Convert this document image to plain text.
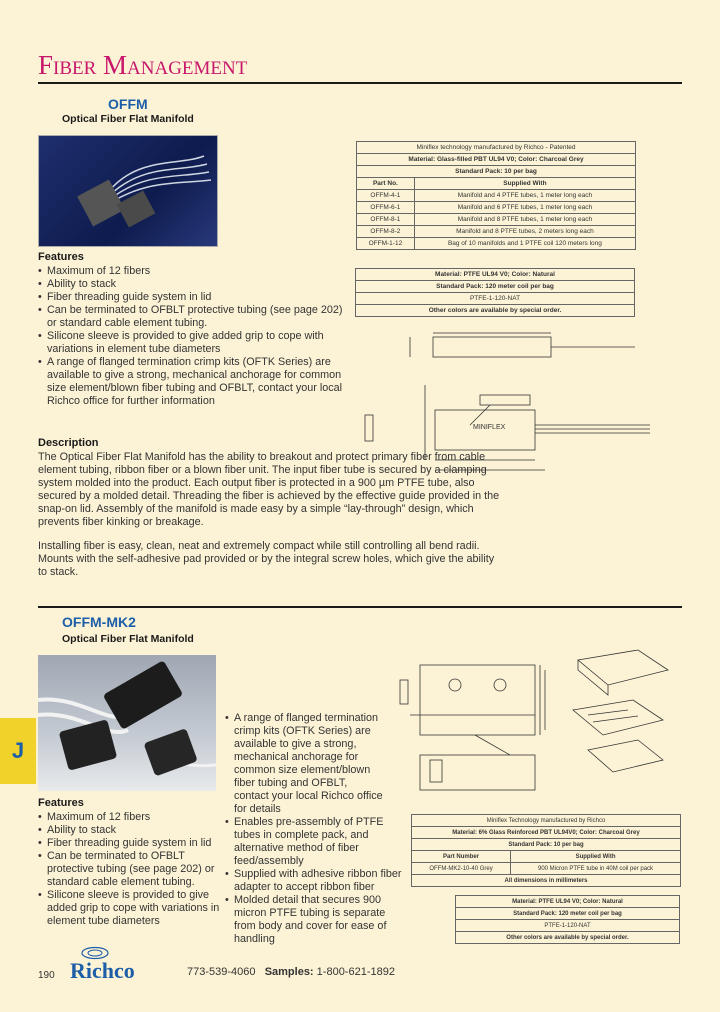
Fiber Management
OFFM
Optical Fiber Flat Manifold
Miniflex technology manufactured by Richco - Patented	
Material: Glass-filled PBT UL94 V0; Color: Charcoal Grey	
Standard Pack: 10 per bag	
Part No.	Supplied With
OFFM-4-1	Manifold and 4 PTFE tubes, 1 meter long each
OFFM-6-1	Manifold and 6 PTFE tubes, 1 meter long each
OFFM-8-1	Manifold and 8 PTFE tubes, 1 meter long each
OFFM-8-2	Manifold and 8 PTFE tubes, 2 meters long each
OFFM-1-12	Bag of 10 manifolds and 1 PTFE coil 120 meters long
Material: PTFE UL94 V0; Color: Natural
Standard Pack: 120 meter coil per bag
PTFE-1-120-NAT
Other colors are available by special order.
MINIFLEX
Features
• Maximum of 12 fibers
• Ability to stack
• Fiber threading guide system in lid
• Can be terminated to OFBLT protective tubing (see page 202) or standard cable element tubing.
• Silicone sleeve is provided to give added grip to cope with variations in element tube diameters
• A range of flanged termination crimp kits (OFTK Series) are available to give a strong, mechanical anchorage for common size element/blown fiber tubing and OFBLT, contact your local Richco office for further information
Description

The Optical Fiber Flat Manifold has the ability to breakout and protect primary fiber from cable element tubing, ribbon fiber or a blown fiber unit. The input fiber tube is secured by a clamping system molded into the product. Each output fiber is protected in a 900 µm PTFE tube, also secured by a molded detail. Threading the fiber is achieved by the effective guide provided in the snap-on lid. Assembly of the manifold is made easy by a simple “lay-through” design, which prevents fiber kinking or breakage.

Installing fiber is easy, clean, neat and extremely compact while still controlling all bend radii. Mounts with the self-adhesive pad provided or by the integral screw holes, which give the ability to stack.

OFFM-MK2
Optical Fiber Flat Manifold
Features
• Maximum of 12 fibers
• Ability to stack
• Fiber threading guide system in lid
• Can be terminated to OFBLT protective tubing (see page 202) or standard cable element tubing.
• Silicone sleeve is provided to give added grip to cope with variations in element tube diameters
• A range of flanged termination crimp kits (OFTK Series) are available to give a strong, mechanical anchorage for common size element/blown fiber tubing and OFBLT, contact your local Richco office for details
• Enables pre-assembly of PTFE tubes in complete pack, and alternative method of fiber feed/assembly
• Supplied with adhesive ribbon fiber adapter to accept ribbon fiber
• Molded detail that secures 900 micron PTFE tubing is separate from body and cover for ease of handling
Miniflex Technology manufactured by Richco	
Material: 6% Glass Reinforced PBT UL94V0; Color: Charcoal Grey	
Standard Pack: 10 per bag	
Part Number	Supplied With
OFFM-MK2-10-40 Grey	900 Micron PTFE tube in 40M coil per pack
All dimensions in millimeters	
Material: PTFE UL94 V0; Color: Natural
Standard Pack: 120 meter coil per bag
PTFE-1-120-NAT
Other colors are available by special order.
J
190 Richco	773-539-4060 Samples: 1-800-621-1892
